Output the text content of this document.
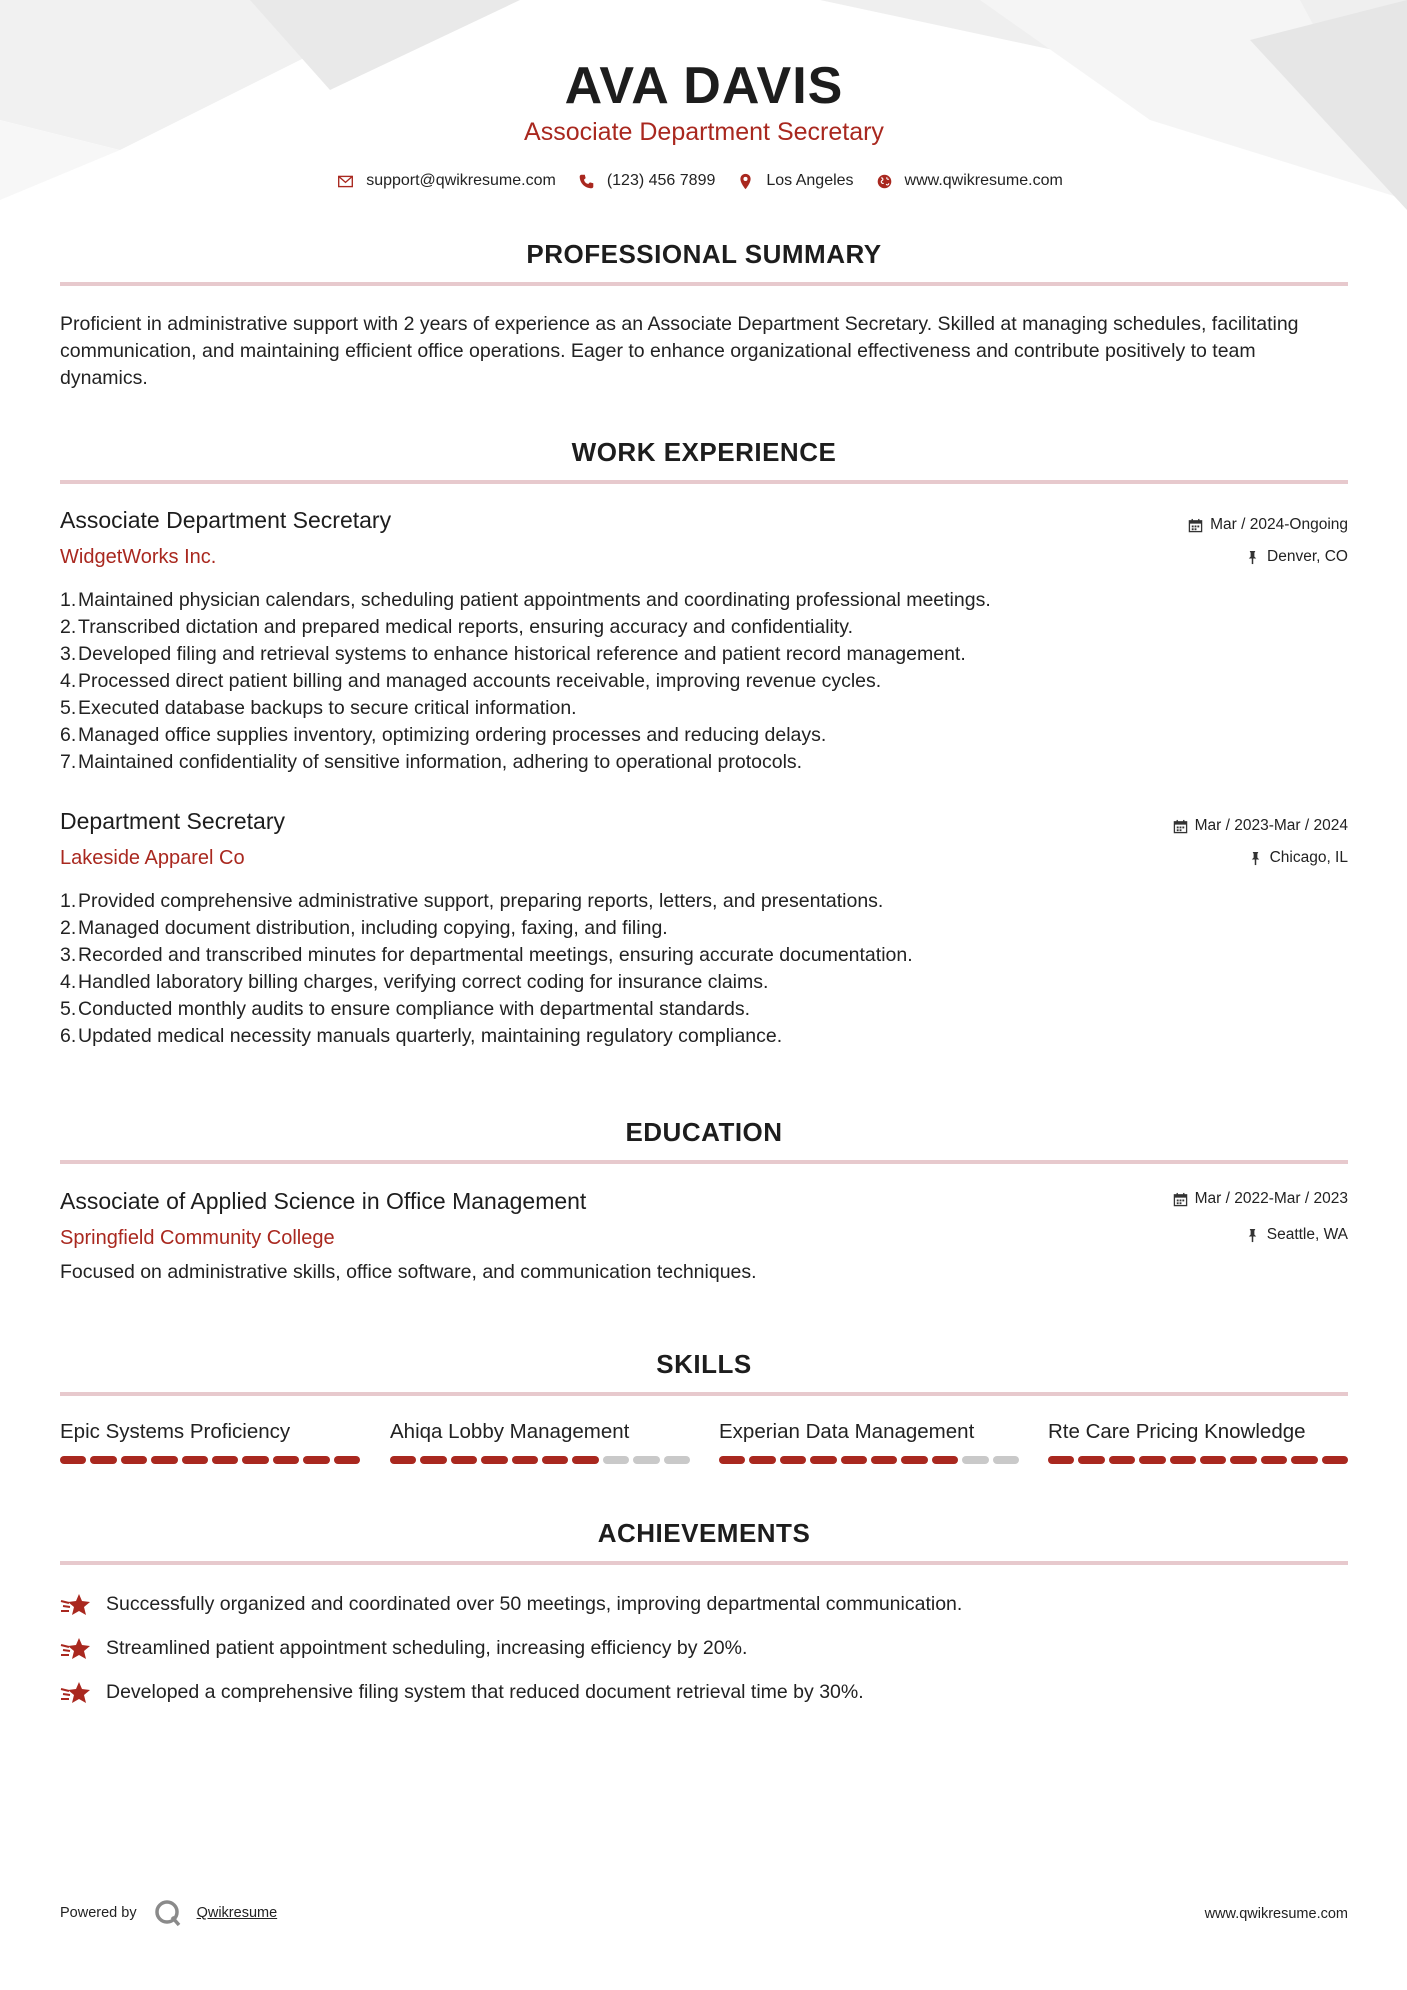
AVA DAVIS
Associate Department Secretary
support@qwikresume.com	(123) 456 7899	Los Angeles	www.qwikresume.com
PROFESSIONAL SUMMARY
Proficient in administrative support with 2 years of experience as an Associate Department Secretary. Skilled at managing schedules, facilitating communication, and maintaining efficient office operations. Eager to enhance organizational effectiveness and contribute positively to team dynamics.
WORK EXPERIENCE
Associate Department Secretary	Mar / 2024-Ongoing
WidgetWorks Inc.	Denver, CO
1. Maintained physician calendars, scheduling patient appointments and coordinating professional meetings.
2. Transcribed dictation and prepared medical reports, ensuring accuracy and confidentiality.
3. Developed filing and retrieval systems to enhance historical reference and patient record management.
4. Processed direct patient billing and managed accounts receivable, improving revenue cycles.
5. Executed database backups to secure critical information.
6. Managed office supplies inventory, optimizing ordering processes and reducing delays.
7. Maintained confidentiality of sensitive information, adhering to operational protocols.
Department Secretary	Mar / 2023-Mar / 2024
Lakeside Apparel Co	Chicago, IL
1. Provided comprehensive administrative support, preparing reports, letters, and presentations.
2. Managed document distribution, including copying, faxing, and filing.
3. Recorded and transcribed minutes for departmental meetings, ensuring accurate documentation.
4. Handled laboratory billing charges, verifying correct coding for insurance claims.
5. Conducted monthly audits to ensure compliance with departmental standards.
6. Updated medical necessity manuals quarterly, maintaining regulatory compliance.
EDUCATION
Associate of Applied Science in Office Management	Mar / 2022-Mar / 2023
Springfield Community College	Seattle, WA
Focused on administrative skills, office software, and communication techniques.
SKILLS
Epic Systems Proficiency	Ahiqa Lobby Management	Experian Data Management	Rte Care Pricing Knowledge
ACHIEVEMENTS
Successfully organized and coordinated over 50 meetings, improving departmental communication.
Streamlined patient appointment scheduling, increasing efficiency by 20%.
Developed a comprehensive filing system that reduced document retrieval time by 30%.
Powered by	Qwikresume	www.qwikresume.com
